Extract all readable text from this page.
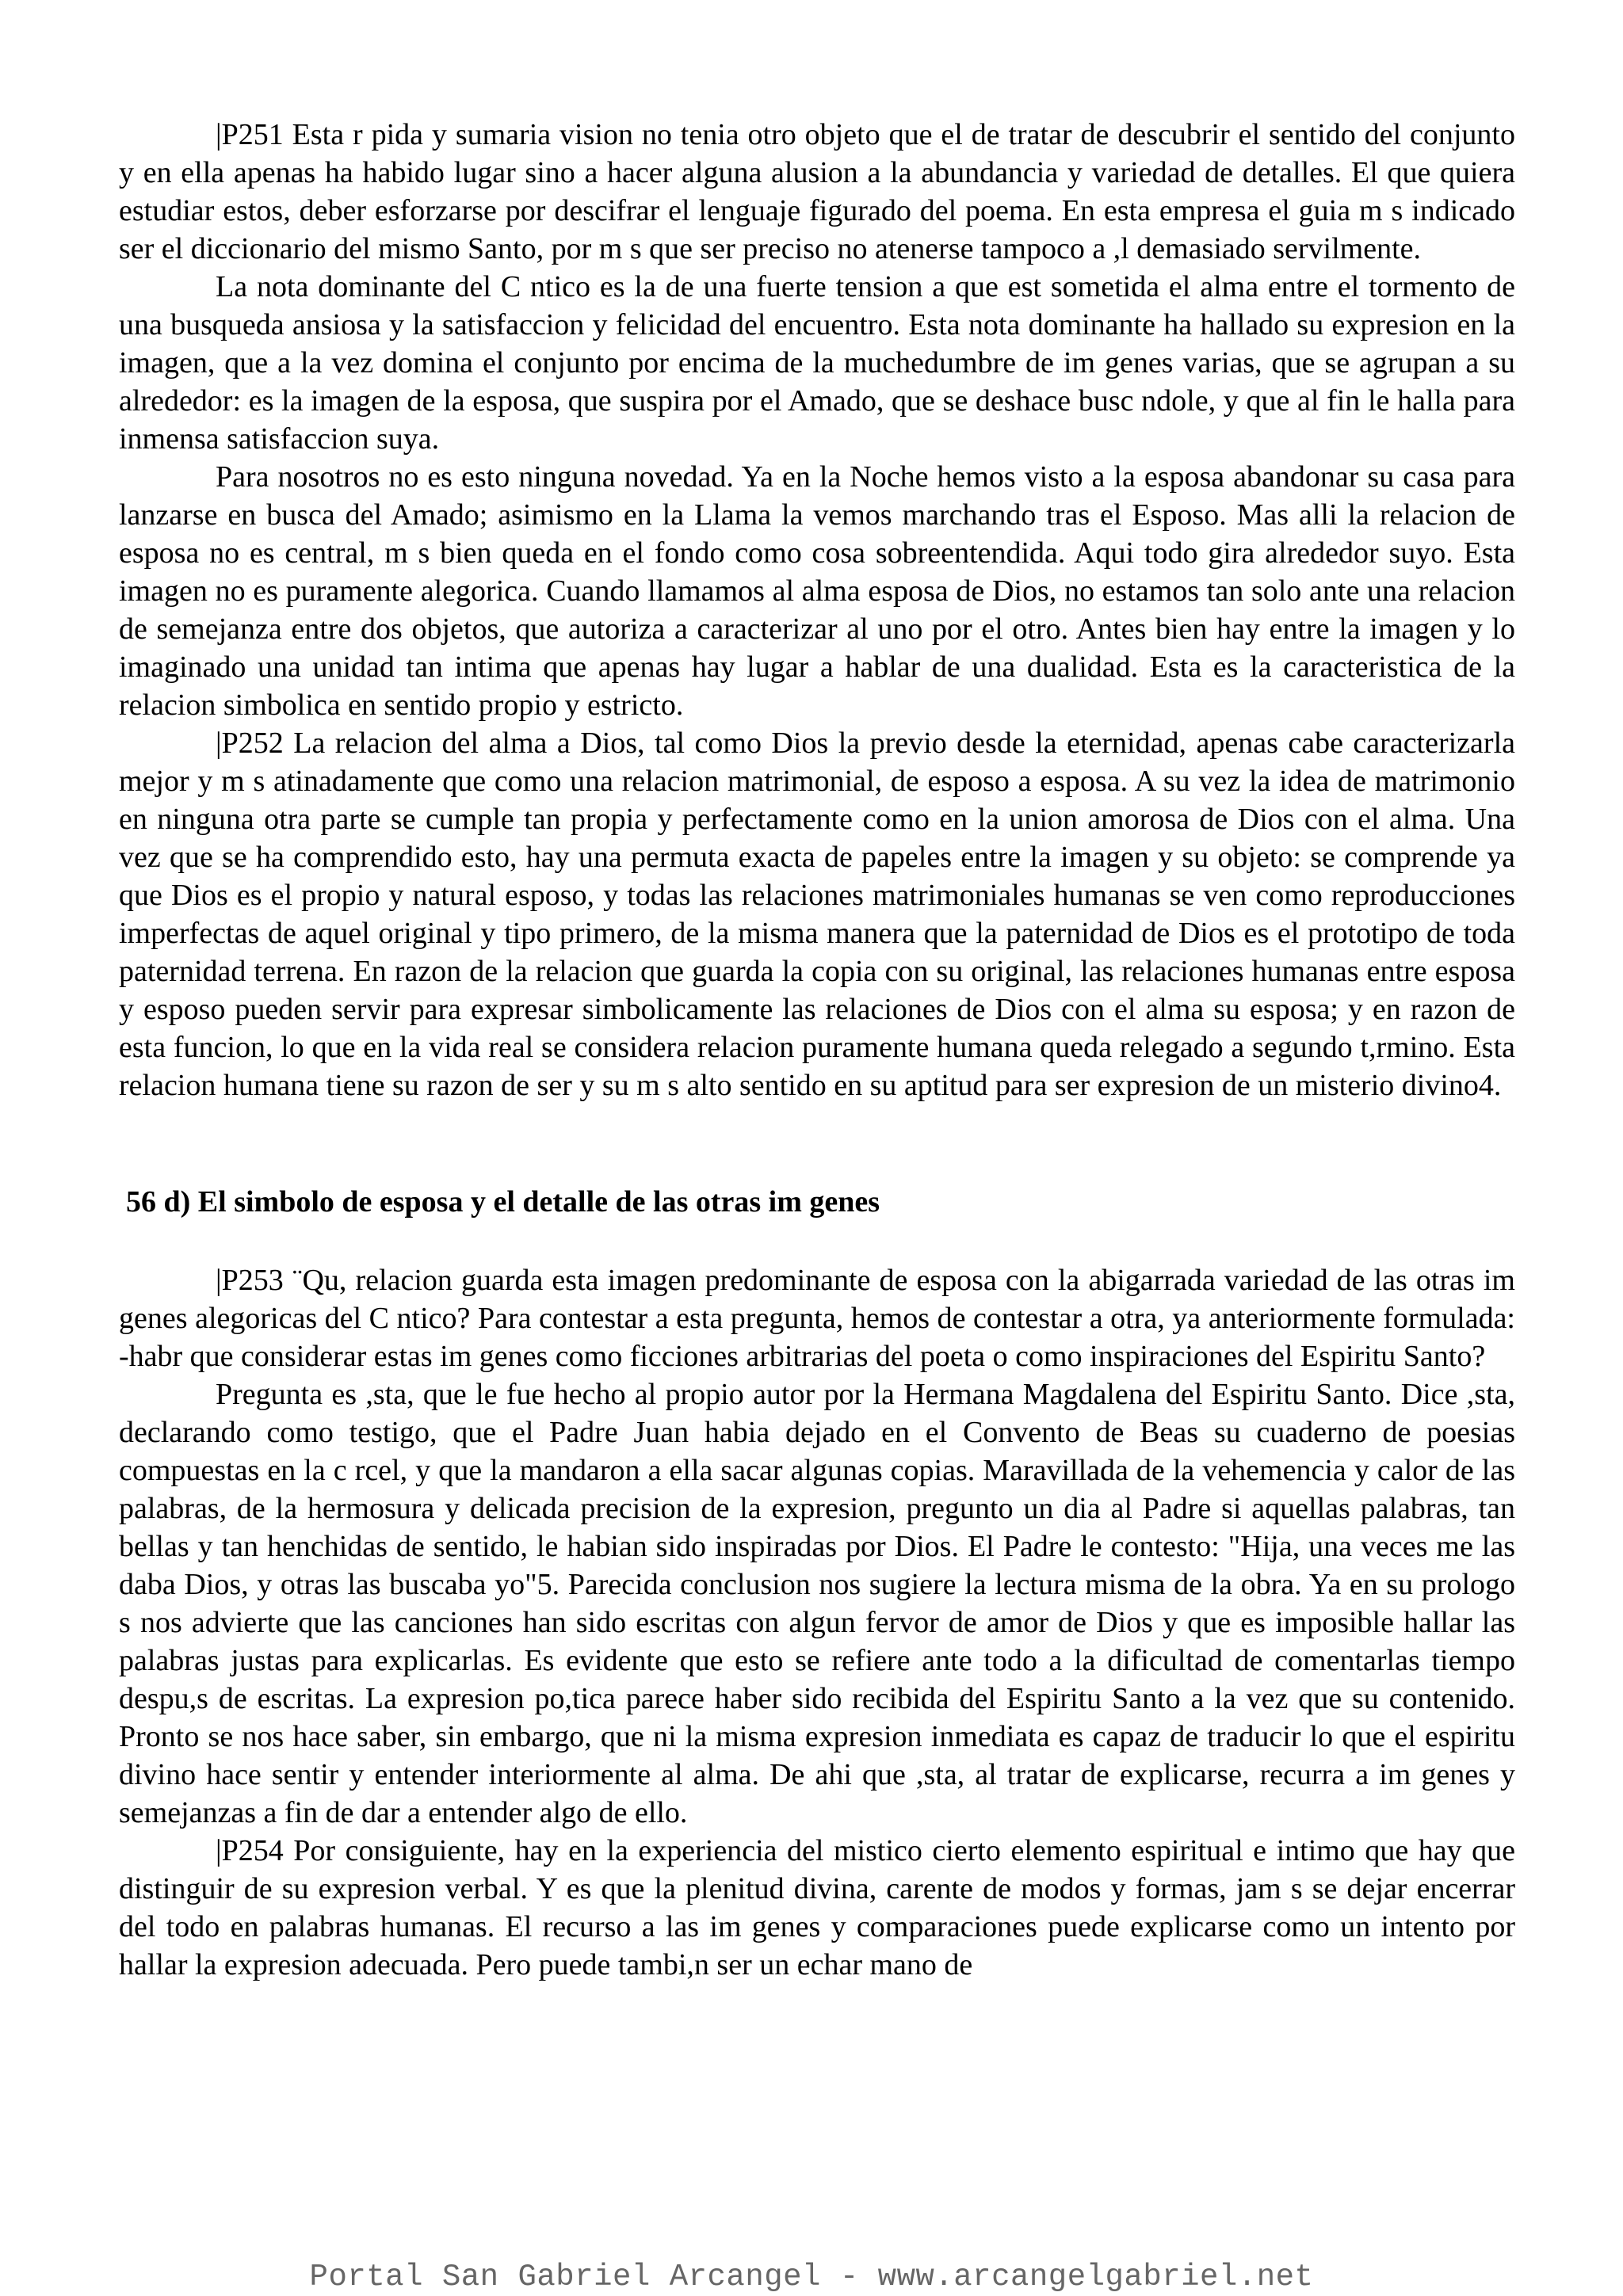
|P251 Esta r pida y sumaria vision no tenia otro objeto que el de tratar de descubrir el sentido del conjunto y en ella apenas ha habido lugar sino a hacer alguna alusion a la abundancia y variedad de detalles. El que quiera estudiar estos, deber esforzarse por descifrar el lenguaje figurado del poema. En esta empresa el guia m s indicado ser el diccionario del mismo Santo, por m s que ser preciso no atenerse tampoco a ,l demasiado servilmente.

La nota dominante del C ntico es la de una fuerte tension a que est sometida el alma entre el tormento de una busqueda ansiosa y la satisfaccion y felicidad del encuentro. Esta nota dominante ha hallado su expresion en la imagen, que a la vez domina el conjunto por encima de la muchedumbre de im genes varias, que se agrupan a su alrededor: es la imagen de la esposa, que suspira por el Amado, que se deshace busc ndole, y que al fin le halla para inmensa satisfaccion suya.

Para nosotros no es esto ninguna novedad. Ya en la Noche hemos visto a la esposa abandonar su casa para lanzarse en busca del Amado; asimismo en la Llama la vemos marchando tras el Esposo. Mas alli la relacion de esposa no es central, m s bien queda en el fondo como cosa sobreentendida. Aqui todo gira alrededor suyo. Esta imagen no es puramente alegorica. Cuando llamamos al alma esposa de Dios, no estamos tan solo ante una relacion de semejanza entre dos objetos, que autoriza a caracterizar al uno por el otro. Antes bien hay entre la imagen y lo imaginado una unidad tan intima que apenas hay lugar a hablar de una dualidad. Esta es la caracteristica de la relacion simbolica en sentido propio y estricto.

|P252 La relacion del alma a Dios, tal como Dios la previo desde la eternidad, apenas cabe caracterizarla mejor y m s atinadamente que como una relacion matrimonial, de esposo a esposa. A su vez la idea de matrimonio en ninguna otra parte se cumple tan propia y perfectamente como en la union amorosa de Dios con el alma. Una vez que se ha comprendido esto, hay una permuta exacta de papeles entre la imagen y su objeto: se comprende ya que Dios es el propio y natural esposo, y todas las relaciones matrimoniales humanas se ven como reproducciones imperfectas de aquel original y tipo primero, de la misma manera que la paternidad de Dios es el prototipo de toda paternidad terrena. En razon de la relacion que guarda la copia con su original, las relaciones humanas entre esposa y esposo pueden servir para expresar simbolicamente las relaciones de Dios con el alma su esposa; y en razon de esta funcion, lo que en la vida real se considera relacion puramente humana queda relegado a segundo t,rmino. Esta relacion humana tiene su razon de ser y su m s alto sentido en su aptitud para ser expresion de un misterio divino4.

56 d) El simbolo de esposa y el detalle de las otras im genes

|P253 ¨Qu, relacion guarda esta imagen predominante de esposa con la abigarrada variedad de las otras im genes alegoricas del C ntico? Para contestar a esta pregunta, hemos de contestar a otra, ya anteriormente formulada: -habr que considerar estas im genes como ficciones arbitrarias del poeta o como inspiraciones del Espiritu Santo?

Pregunta es ,sta, que le fue hecho al propio autor por la Hermana Magdalena del Espiritu Santo. Dice ,sta, declarando como testigo, que el Padre Juan habia dejado en el Convento de Beas su cuaderno de poesias compuestas en la c rcel, y que la mandaron a ella sacar algunas copias. Maravillada de la vehemencia y calor de las palabras, de la hermosura y delicada precision de la expresion, pregunto un dia al Padre si aquellas palabras, tan bellas y tan henchidas de sentido, le habian sido inspiradas por Dios. El Padre le contesto: "Hija, una veces me las daba Dios, y otras las buscaba yo"5. Parecida conclusion nos sugiere la lectura misma de la obra. Ya en su prologo s nos advierte que las canciones han sido escritas con algun fervor de amor de Dios y que es imposible hallar las palabras justas para explicarlas. Es evidente que esto se refiere ante todo a la dificultad de comentarlas tiempo despu,s de escritas. La expresion po,tica parece haber sido recibida del Espiritu Santo a la vez que su contenido. Pronto se nos hace saber, sin embargo, que ni la misma expresion inmediata es capaz de traducir lo que el espiritu divino hace sentir y entender interiormente al alma. De ahi que ,sta, al tratar de explicarse, recurra a im genes y semejanzas a fin de dar a entender algo de ello.

|P254 Por consiguiente, hay en la experiencia del mistico cierto elemento espiritual e intimo que hay que distinguir de su expresion verbal. Y es que la plenitud divina, carente de modos y formas, jam s se dejar encerrar del todo en palabras humanas. El recurso a las im genes y comparaciones puede explicarse como un intento por hallar la expresion adecuada. Pero puede tambi,n ser un echar mano de

Portal San Gabriel Arcangel - www.arcangelgabriel.net
